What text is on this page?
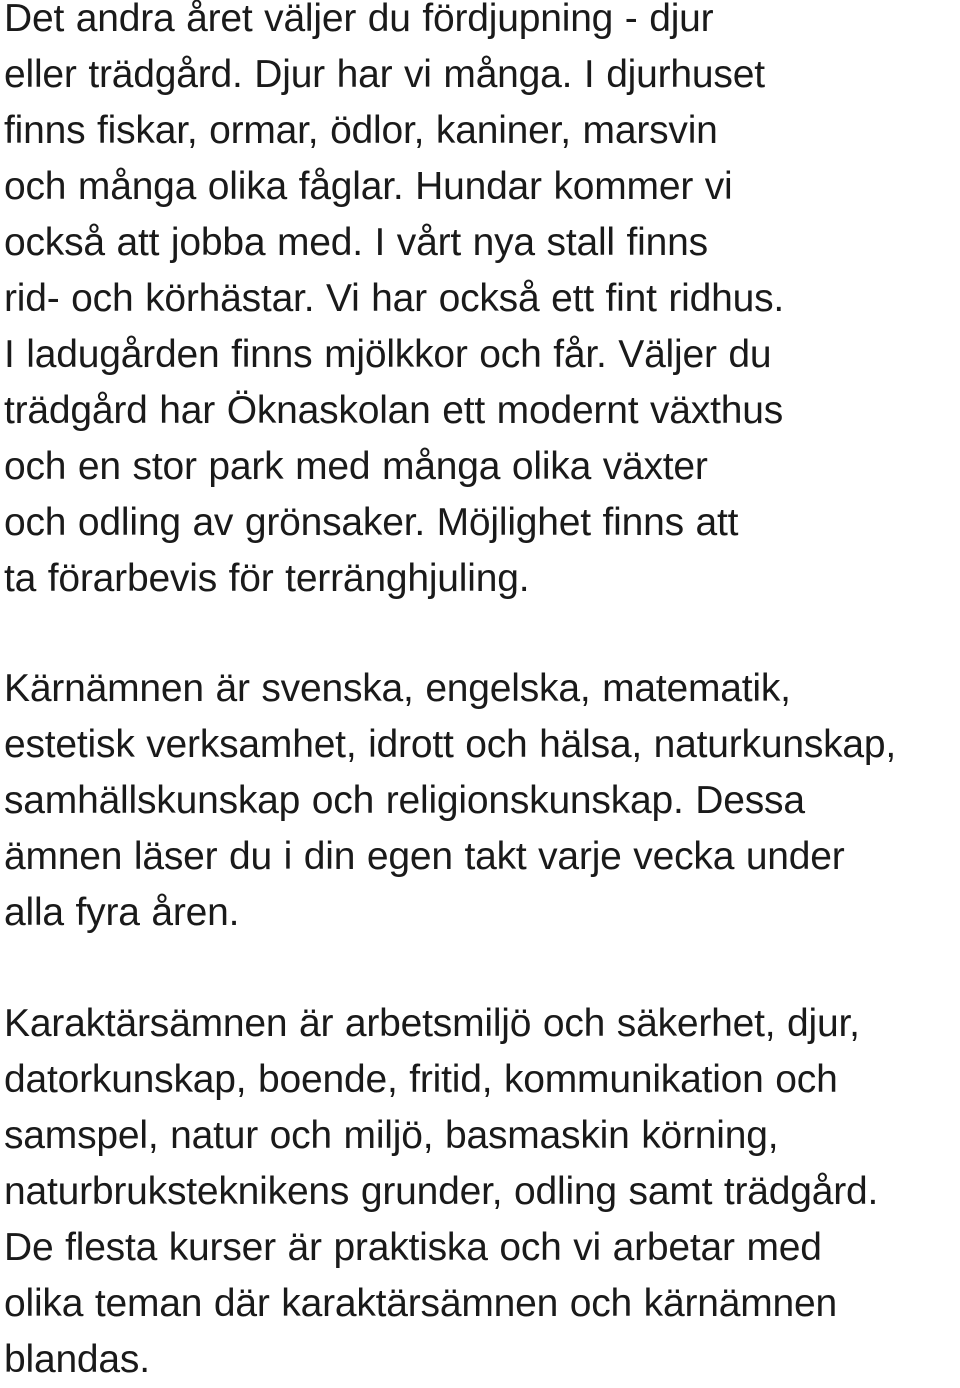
Det andra året väljer du fördjupning - djur
eller trädgård. Djur har vi många. I djurhuset
finns fiskar, ormar, ödlor, kaniner, marsvin
och många olika fåglar. Hundar kommer vi
också att jobba med. I vårt nya stall finns
rid- och körhästar. Vi har också ett fint ridhus.
I ladugården finns mjölkkor och får. Väljer du
trädgård har Öknaskolan ett modernt växthus
och en stor park med många olika växter
och odling av grönsaker. Möjlighet finns att
ta förarbevis för terränghjuling.

Kärnämnen är svenska, engelska, matematik,
estetisk verksamhet, idrott och hälsa, naturkunskap,
samhällskunskap och religionskunskap. Dessa
ämnen läser du i din egen takt varje vecka under
alla fyra åren.

Karaktärsämnen är arbetsmiljö och säkerhet, djur,
datorkunskap, boende, fritid, kommunikation och
samspel, natur och miljö, basmaskin körning,
naturbruksteknikens grunder, odling samt trädgård.
De flesta kurser är praktiska och vi arbetar med
olika teman där karaktärsämnen och kärnämnen
blandas.
